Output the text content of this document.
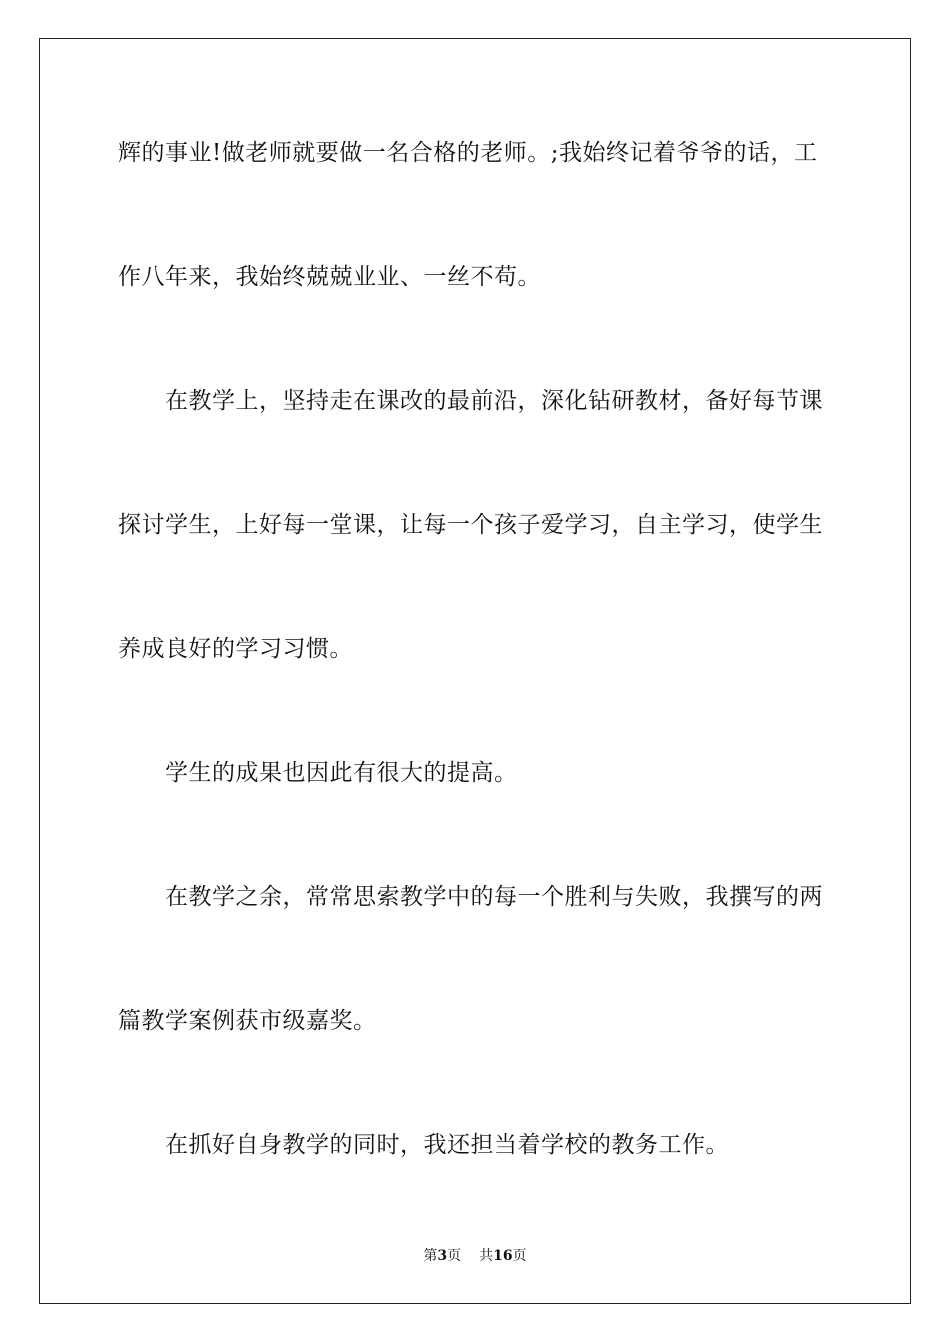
辉的事业!做老师就要做一名合格的老师。;我始终记着爷爷的话，工
作八年来，我始终兢兢业业、一丝不苟。
在教学上，坚持走在课改的最前沿，深化钻研教材，备好每节课
探讨学生，上好每一堂课，让每一个孩子爱学习，自主学习，使学生
养成良好的学习习惯。
学生的成果也因此有很大的提高。
在教学之余，常常思索教学中的每一个胜利与失败，我撰写的两
篇教学案例获市级嘉奖。
在抓好自身教学的同时，我还担当着学校的教务工作。
第3页 共16页
